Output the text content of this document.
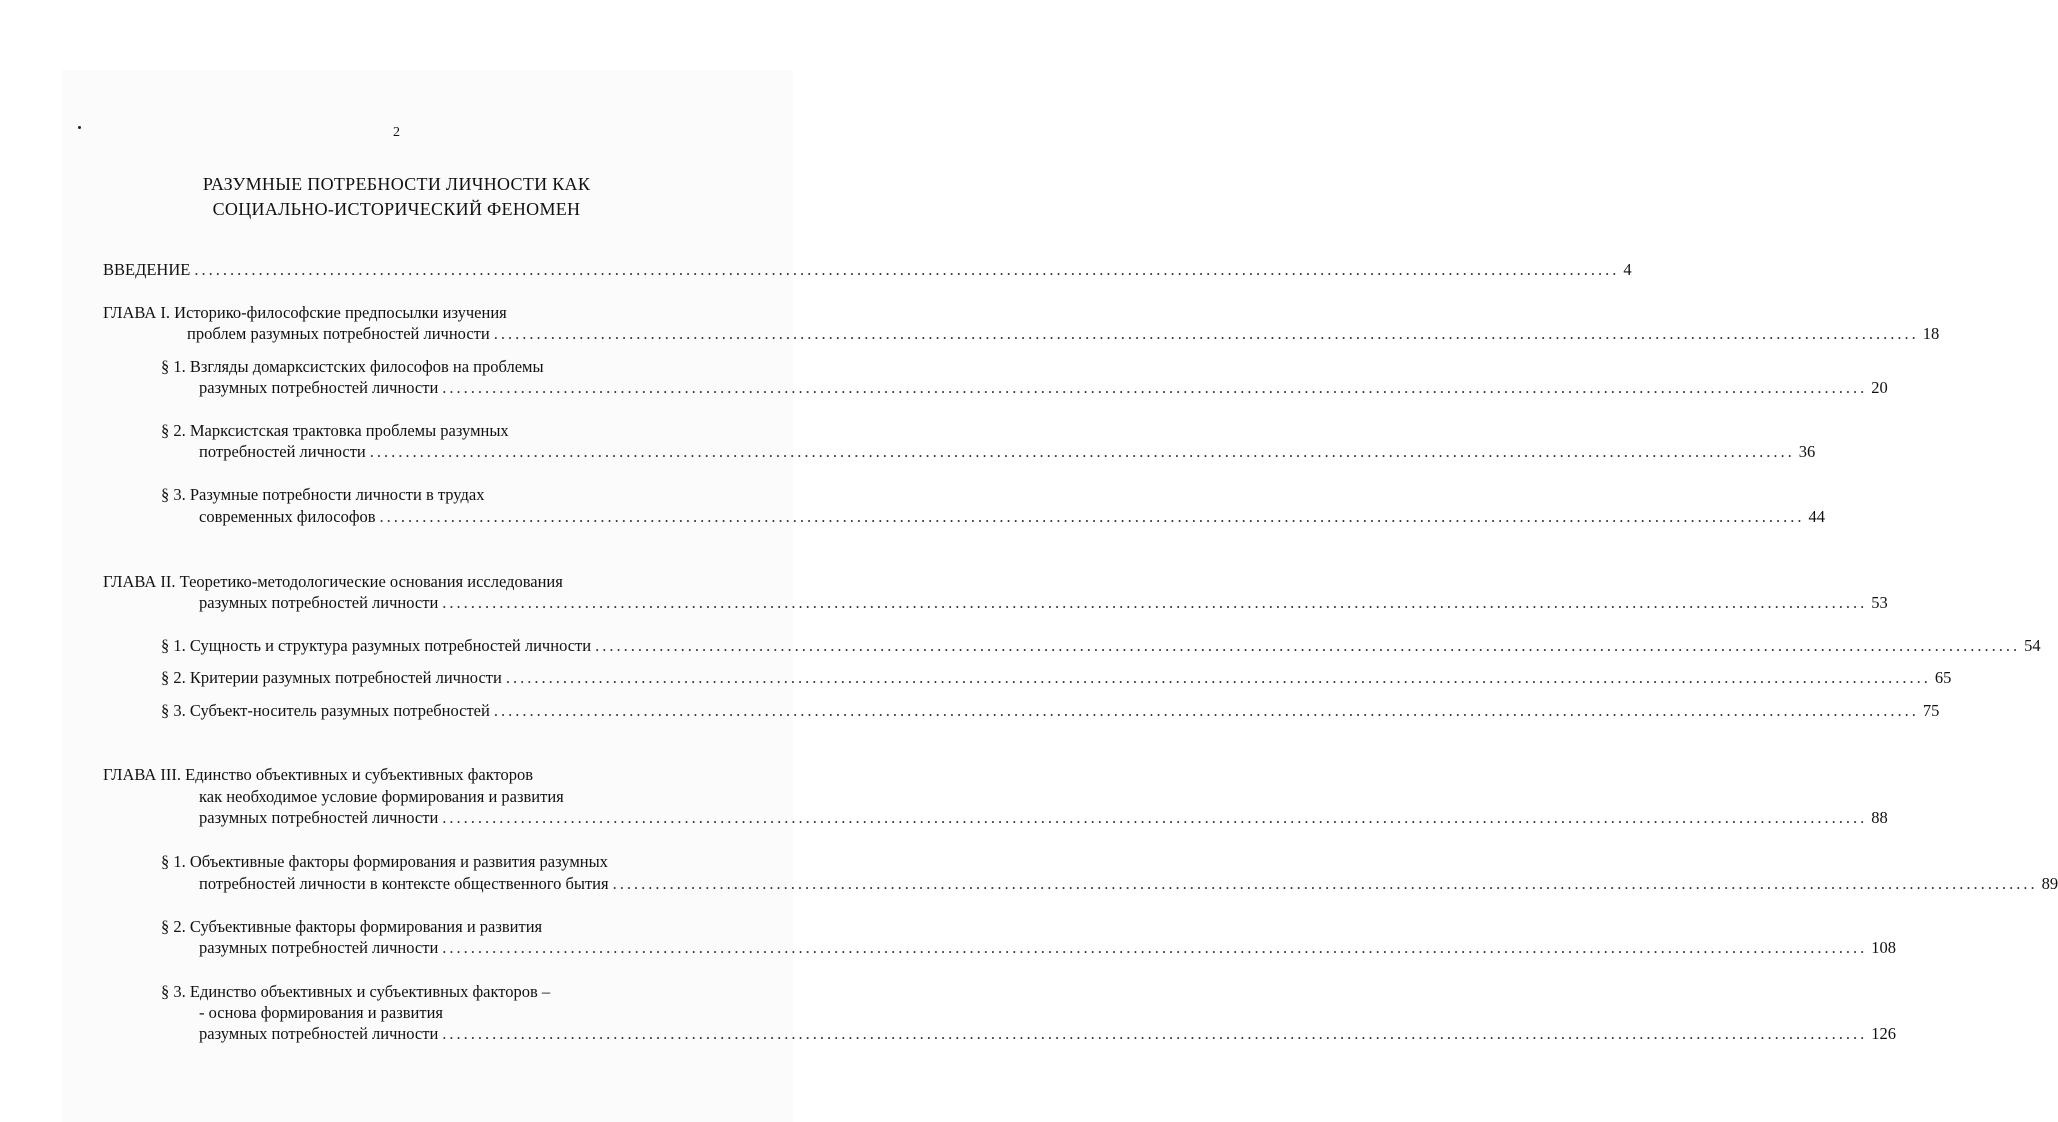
2
РАЗУМНЫЕ ПОТРЕБНОСТИ ЛИЧНОСТИ КАК
СОЦИАЛЬНО-ИСТОРИЧЕСКИЙ ФЕНОМЕН
ВВЕДЕНИЕ ........................................................................................................................................................................................................ 4
ГЛАВА I. Историко-философские предпосылки изучения
проблем разумных потребностей личности ........................................................................................................................................................................................................ 18
§ 1. Взгляды домарксистских философов на проблемы
разумных потребностей личности ........................................................................................................................................................................................................ 20
§ 2. Марксистская трактовка проблемы разумных
потребностей личности ........................................................................................................................................................................................................ 36
§ 3. Разумные потребности личности в трудах
современных философов ........................................................................................................................................................................................................ 44
ГЛАВА II. Теоретико-методологические основания исследования
разумных потребностей личности ........................................................................................................................................................................................................ 53
§ 1. Сущность и структура разумных потребностей личности ........................................................................................................................................................................................................ 54
§ 2. Критерии разумных потребностей личности ........................................................................................................................................................................................................ 65
§ 3. Субъект-носитель разумных потребностей ........................................................................................................................................................................................................ 75
ГЛАВА III. Единство объективных и субъективных факторов
как необходимое условие формирования и развития
разумных потребностей личности ........................................................................................................................................................................................................ 88
§ 1. Объективные факторы формирования и развития разумных
потребностей личности в контексте общественного бытия ........................................................................................................................................................................................................ 89
§ 2. Субъективные факторы формирования и развития
разумных потребностей личности ........................................................................................................................................................................................................ 108
§ 3. Единство объективных и субъективных факторов –
- основа формирования и развития
разумных потребностей личности ........................................................................................................................................................................................................ 126
